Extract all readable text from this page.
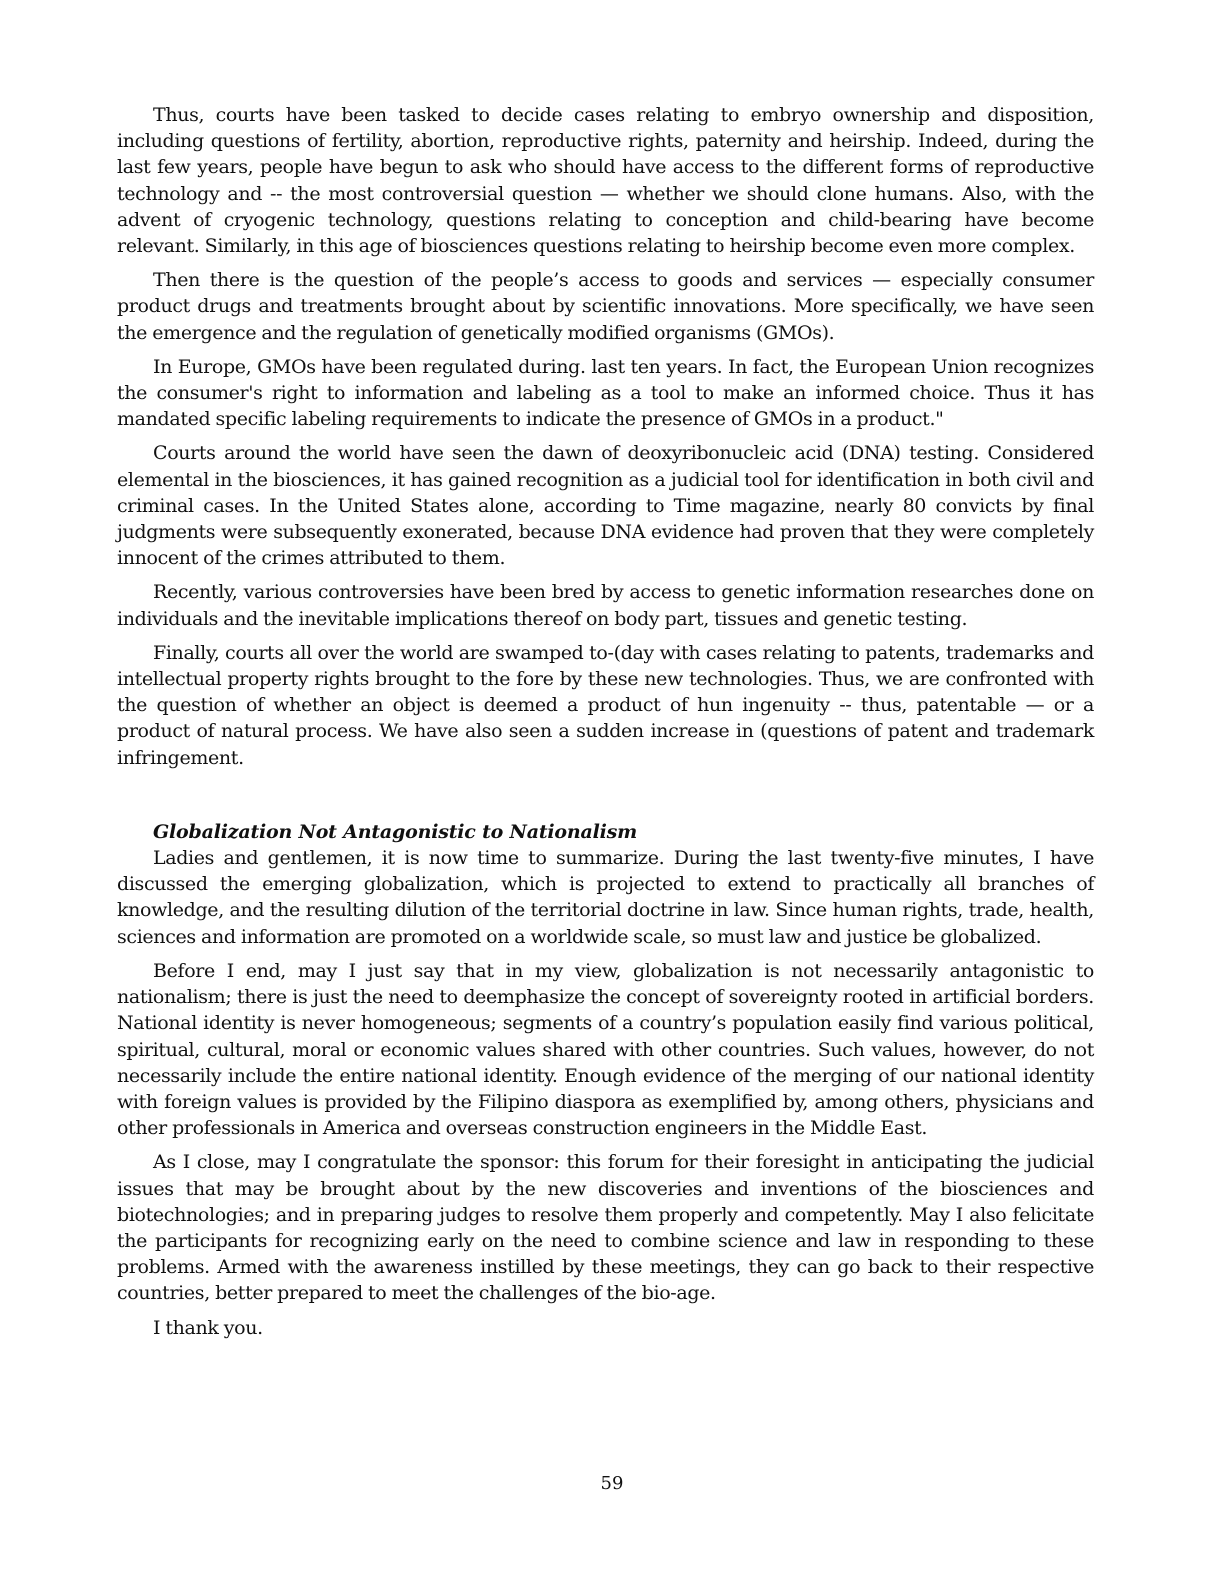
Thus, courts have been tasked to decide cases relating to embryo ownership and disposition, including questions of fertility, abortion, reproductive rights, paternity and heirship. Indeed, during the last few years, people have begun to ask who should have access to the different forms of reproductive technology and -- the most controversial question — whether we should clone humans. Also, with the advent of cryogenic technology, questions relating to conception and child-bearing have become relevant. Similarly, in this age of biosciences questions relating to heirship become even more complex.

Then there is the question of the people’s access to goods and services — especially consumer product drugs and treatments brought about by scientific innovations. More specifically, we have seen the emergence and the regulation of genetically modified organisms (GMOs).

In Europe, GMOs have been regulated during. last ten years. In fact, the European Union recognizes the consumer's right to information and labeling as a tool to make an informed choice. Thus it has mandated specific labeling requirements to indicate the presence of GMOs in a product."

Courts around the world have seen the dawn of deoxyribonucleic acid (DNA) testing. Considered elemental in the biosciences, it has gained recognition as a judicial tool for identification in both civil and criminal cases. In the United States alone, according to Time magazine, nearly 80 convicts by final judgments were subsequently exonerated, because DNA evidence had proven that they were completely innocent of the crimes attributed to them.

Recently, various controversies have been bred by access to genetic information researches done on individuals and the inevitable implications thereof on body part, tissues and genetic testing.

Finally, courts all over the world are swamped to-(day with cases relating to patents, trademarks and intellectual property rights brought to the fore by these new technologies. Thus, we are confronted with the question of whether an object is deemed a product of hun ingenuity -- thus, patentable — or a product of natural process. We have also seen a sudden increase in (questions of patent and trademark infringement.

Globalization Not Antagonistic to Nationalism

Ladies and gentlemen, it is now time to summarize. During the last twenty-five minutes, I have discussed the emerging globalization, which is projected to extend to practically all branches of knowledge, and the resulting dilution of the territorial doctrine in law. Since human rights, trade, health, sciences and information are promoted on a worldwide scale, so must law and justice be globalized.

Before I end, may I just say that in my view, globalization is not necessarily antagonistic to nationalism; there is just the need to deemphasize the concept of sovereignty rooted in artificial borders. National identity is never homogeneous; segments of a country’s population easily find various political, spiritual, cultural, moral or economic values shared with other countries. Such values, however, do not necessarily include the entire national identity. Enough evidence of the merging of our national identity with foreign values is provided by the Filipino diaspora as exemplified by, among others, physicians and other professionals in America and overseas construction engineers in the Middle East.

As I close, may I congratulate the sponsor: this forum for their foresight in anticipating the judicial issues that may be brought about by the new discoveries and inventions of the biosciences and biotechnologies; and in preparing judges to resolve them properly and competently. May I also felicitate the participants for recognizing early on the need to combine science and law in responding to these problems. Armed with the awareness instilled by these meetings, they can go back to their respective countries, better prepared to meet the challenges of the bio-age.

I thank you.

59
